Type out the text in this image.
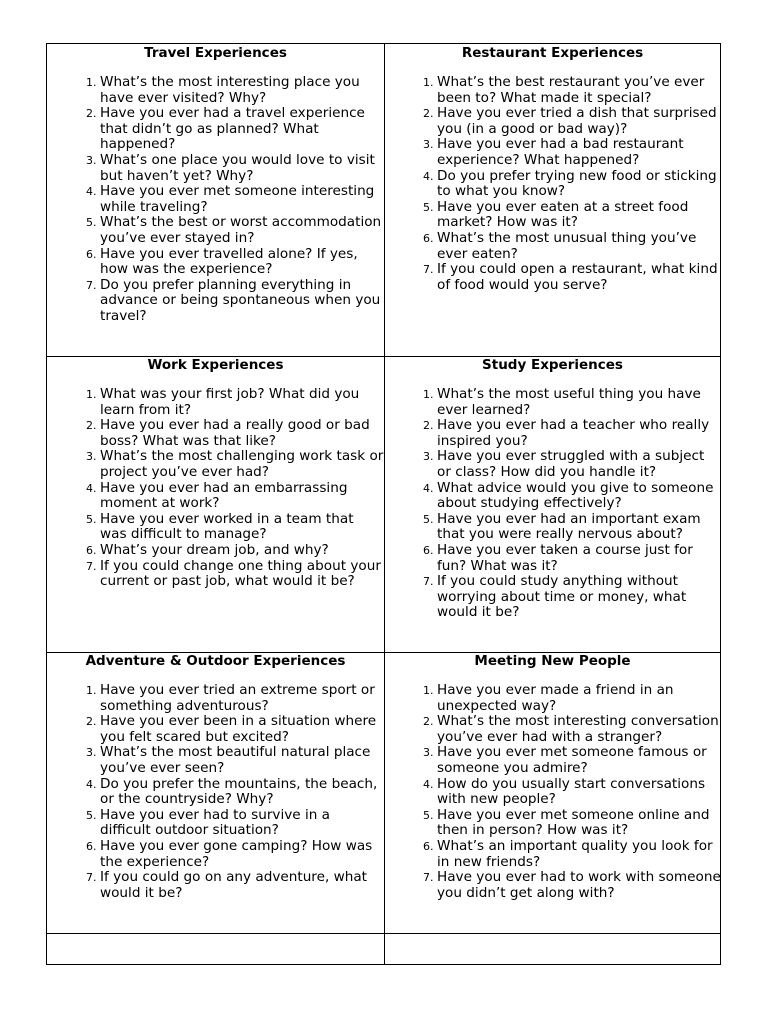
Travel Experiences
1. What’s the most interesting place you have ever visited? Why?
2. Have you ever had a travel experience that didn’t go as planned? What happened?
3. What’s one place you would love to visit but haven’t yet? Why?
4. Have you ever met someone interesting while traveling?
5. What’s the best or worst accommodation you’ve ever stayed in?
6. Have you ever travelled alone? If yes, how was the experience?
7. Do you prefer planning everything in advance or being spontaneous when you travel?
Restaurant Experiences
1. What’s the best restaurant you’ve ever been to? What made it special?
2. Have you ever tried a dish that surprised you (in a good or bad way)?
3. Have you ever had a bad restaurant experience? What happened?
4. Do you prefer trying new food or sticking to what you know?
5. Have you ever eaten at a street food market? How was it?
6. What’s the most unusual thing you’ve ever eaten?
7. If you could open a restaurant, what kind of food would you serve?
Work Experiences
1. What was your first job? What did you learn from it?
2. Have you ever had a really good or bad boss? What was that like?
3. What’s the most challenging work task or project you’ve ever had?
4. Have you ever had an embarrassing moment at work?
5. Have you ever worked in a team that was difficult to manage?
6. What’s your dream job, and why?
7. If you could change one thing about your current or past job, what would it be?
Study Experiences
1. What’s the most useful thing you have ever learned?
2. Have you ever had a teacher who really inspired you?
3. Have you ever struggled with a subject or class? How did you handle it?
4. What advice would you give to someone about studying effectively?
5. Have you ever had an important exam that you were really nervous about?
6. Have you ever taken a course just for fun? What was it?
7. If you could study anything without worrying about time or money, what would it be?
Adventure & Outdoor Experiences
1. Have you ever tried an extreme sport or something adventurous?
2. Have you ever been in a situation where you felt scared but excited?
3. What’s the most beautiful natural place you’ve ever seen?
4. Do you prefer the mountains, the beach, or the countryside? Why?
5. Have you ever had to survive in a difficult outdoor situation?
6. Have you ever gone camping? How was the experience?
7. If you could go on any adventure, what would it be?
Meeting New People
1. Have you ever made a friend in an unexpected way?
2. What’s the most interesting conversation you’ve ever had with a stranger?
3. Have you ever met someone famous or someone you admire?
4. How do you usually start conversations with new people?
5. Have you ever met someone online and then in person? How was it?
6. What’s an important quality you look for in new friends?
7. Have you ever had to work with someone you didn’t get along with?
